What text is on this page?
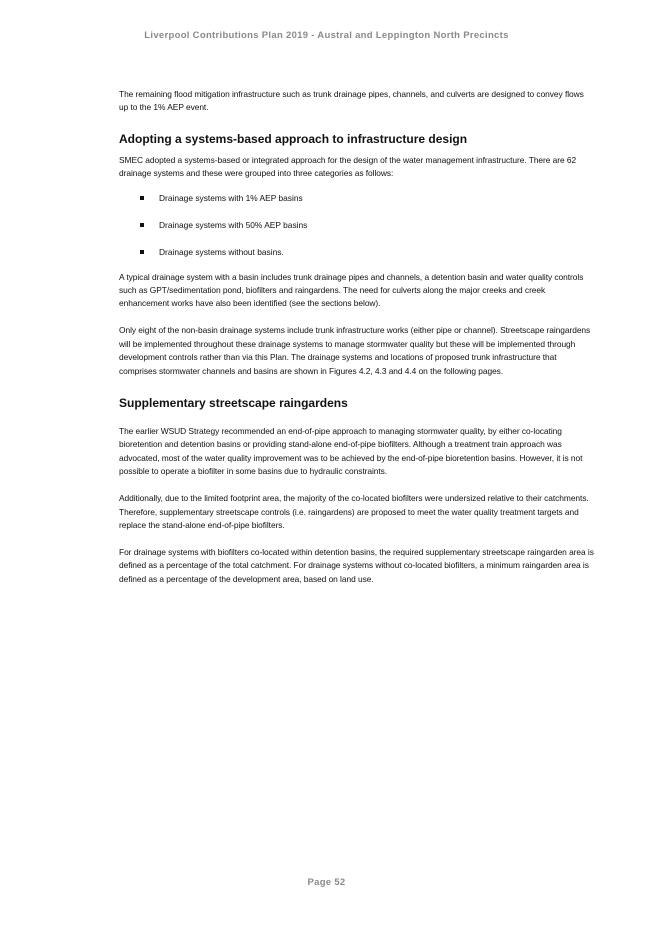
Liverpool Contributions Plan 2019 - Austral and Leppington North Precincts

The remaining flood mitigation infrastructure such as trunk drainage pipes, channels, and culverts are designed to convey flows up to the 1% AEP event.

Adopting a systems-based approach to infrastructure design

SMEC adopted a systems-based or integrated approach for the design of the water management infrastructure. There are 62 drainage systems and these were grouped into three categories as follows:

Drainage systems with 1% AEP basins
Drainage systems with 50% AEP basins
Drainage systems without basins.

A typical drainage system with a basin includes trunk drainage pipes and channels, a detention basin and water quality controls such as GPT/sedimentation pond, biofilters and raingardens. The need for culverts along the major creeks and creek enhancement works have also been identified (see the sections below).

Only eight of the non-basin drainage systems include trunk infrastructure works (either pipe or channel). Streetscape raingardens will be implemented throughout these drainage systems to manage stormwater quality but these will be implemented through development controls rather than via this Plan. The drainage systems and locations of proposed trunk infrastructure that comprises stormwater channels and basins are shown in Figures 4.2, 4.3 and 4.4 on the following pages.

Supplementary streetscape raingardens

The earlier WSUD Strategy recommended an end-of-pipe approach to managing stormwater quality, by either co-locating bioretention and detention basins or providing stand-alone end-of-pipe biofilters. Although a treatment train approach was advocated, most of the water quality improvement was to be achieved by the end-of-pipe bioretention basins. However, it is not possible to operate a biofilter in some basins due to hydraulic constraints.

Additionally, due to the limited footprint area, the majority of the co-located biofilters were undersized relative to their catchments. Therefore, supplementary streetscape controls (i.e. raingardens) are proposed to meet the water quality treatment targets and replace the stand-alone end-of-pipe biofilters.

For drainage systems with biofilters co-located within detention basins, the required supplementary streetscape raingarden area is defined as a percentage of the total catchment. For drainage systems without co-located biofilters, a minimum raingarden area is defined as a percentage of the development area, based on land use.

Page 52
